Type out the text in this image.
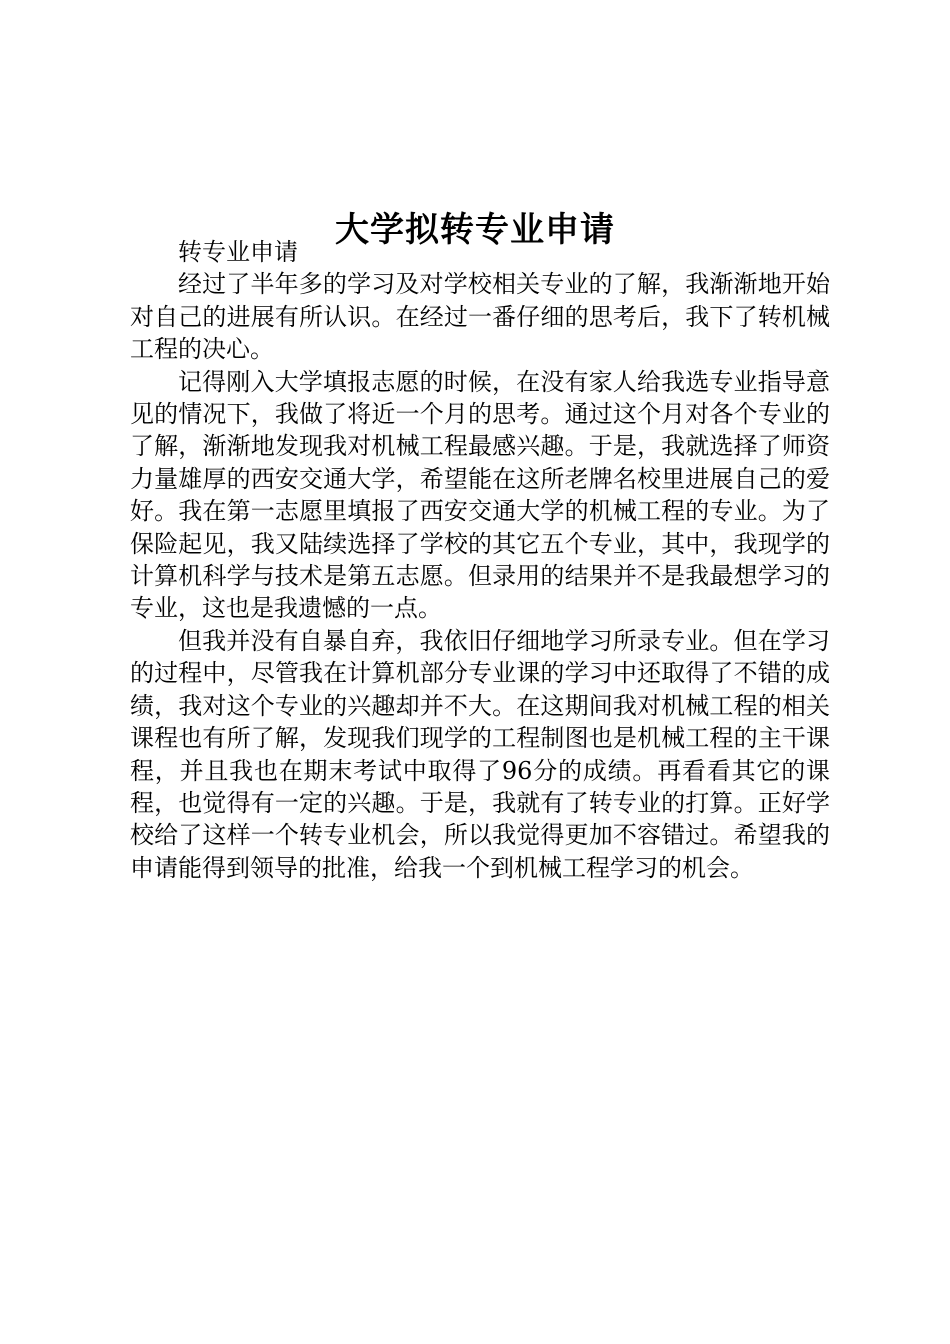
大学拟转专业申请

转专业申请

经过了半年多的学习及对学校相关专业的了解，我渐渐地开始对自己的进展有所认识。在经过一番仔细的思考后，我下了转机械工程的决心。

记得刚入大学填报志愿的时候，在没有家人给我选专业指导意见的情况下，我做了将近一个月的思考。通过这个月对各个专业的了解，渐渐地发现我对机械工程最感兴趣。于是，我就选择了师资力量雄厚的西安交通大学，希望能在这所老牌名校里进展自己的爱好。我在第一志愿里填报了西安交通大学的机械工程的专业。为了保险起见，我又陆续选择了学校的其它五个专业，其中，我现学的计算机科学与技术是第五志愿。但录用的结果并不是我最想学习的专业，这也是我遗憾的一点。

但我并没有自暴自弃，我依旧仔细地学习所录专业。但在学习的过程中，尽管我在计算机部分专业课的学习中还取得了不错的成绩，我对这个专业的兴趣却并不大。在这期间我对机械工程的相关课程也有所了解，发现我们现学的工程制图也是机械工程的主干课程，并且我也在期末考试中取得了96分的成绩。再看看其它的课程，也觉得有一定的兴趣。于是，我就有了转专业的打算。正好学校给了这样一个转专业机会，所以我觉得更加不容错过。希望我的申请能得到领导的批准，给我一个到机械工程学习的机会。
